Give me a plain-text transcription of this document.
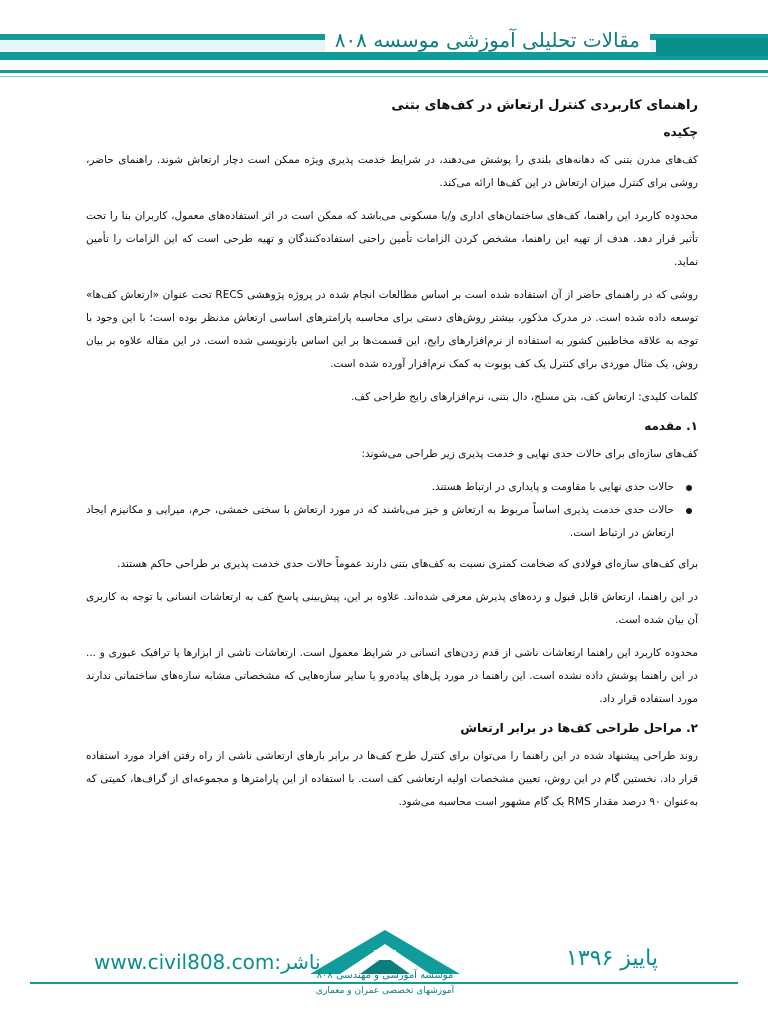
مقالات تحلیلی آموزشی موسسه ۸۰۸
راهنمای کاربردی کنترل ارتعاش در کف‌های بتنی
چکیده

کف‌های مدرن بتنی که دهانه‌های بلندی را پوشش می‌دهند، در شرایط خدمت پذیری ویژه ممکن است دچار ارتعاش شوند. راهنمای حاضر، روشی برای کنترل میزان ارتعاش در این کف‌ها ارائه می‌کند.

محدوده کاربرد این راهنما، کف‌های ساختمان‌های اداری و/یا مسکونی می‌باشد که ممکن است در اثر استفاده‌های معمول، کاربران بنا را تحت تأثیر قرار دهد. هدف از تهیه این راهنما، مشخص کردن الزامات تأمین راحتی استفاده‌کنندگان و تهیه طرحی است که این الزامات را تأمین نماید.

روشی که در راهنمای حاضر از آن استفاده شده است بر اساس مطالعات انجام شده در پروژه پژوهشی RECS تحت عنوان «ارتعاش کف‌ها» توسعه داده شده است. در مدرک مذکور، بیشتر روش‌های دستی برای محاسبه پارامترهای اساسی ارتعاش مدنظر بوده است؛ با این وجود با توجه به علاقه مخاطبین کشور به استفاده از نرم‌افزارهای رایج، این قسمت‌ها بر این اساس بازنویسی شده است. در این مقاله علاوه بر بیان روش، یک مثال موردی برای کنترل یک کف یوبوت به کمک نرم‌افزار آورده شده است.

کلمات کلیدی: ارتعاش کف، بتن مسلح، دال بتنی، نرم‌افزارهای رایج طراحی کف.

۱. مقدمه

کف‌های سازه‌ای برای حالات حدی نهایی و خدمت پذیری زیر طراحی می‌شوند:

حالات حدی نهایی با مقاومت و پایداری در ارتباط هستند.
حالات حدی خدمت پذیری اساساً مربوط به ارتعاش و خیز می‌باشند که در مورد ارتعاش با سختی خمشی، جرم، میرایی و مکانیزم ایجاد ارتعاش در ارتباط است.

برای کف‌های سازه‌ای فولادی که ضخامت کمتری نسبت به کف‌های بتنی دارند عموماً حالات حدی خدمت پذیری بر طراحی حاکم هستند.

در این راهنما، ارتعاش قابل قبول و رده‌های پذیرش معرفی شده‌اند. علاوه بر این، پیش‌بینی پاسخ کف به ارتعاشات انسانی با توجه به کاربری آن بیان شده است.

محدوده کاربرد این راهنما ارتعاشات ناشی از قدم زدن‌های انسانی در شرایط معمول است. ارتعاشات ناشی از ابزارها یا ترافیک عبوری و ... در این راهنما پوشش داده نشده است. این راهنما در مورد پل‌های پیاده‌رو یا سایر سازه‌هایی که مشخصاتی مشابه سازه‌های ساختمانی ندارند مورد استفاده قرار داد.

۲. مراحل طراحی کف‌ها در برابر ارتعاش

روند طراحی پیشنهاد شده در این راهنما را می‌توان برای کنترل طرح کف‌ها در برابر بارهای ارتعاشی ناشی از راه رفتن افراد مورد استفاده قرار داد. نخستین گام در این روش، تعیین مشخصات اولیه ارتعاشی کف است. با استفاده از این پارامترها و مجموعه‌ای از گراف‌ها، کمیتی که به‌عنوان ۹۰ درصد مقدار RMS یک گام مشهور است محاسبه می‌شود.

www.civil808.com:ناشر	پاییز ۱۳۹۶
موسسه آموزشی و مهندسی ۸۰۸
آموزشهای تخصصی عمران و معماری
